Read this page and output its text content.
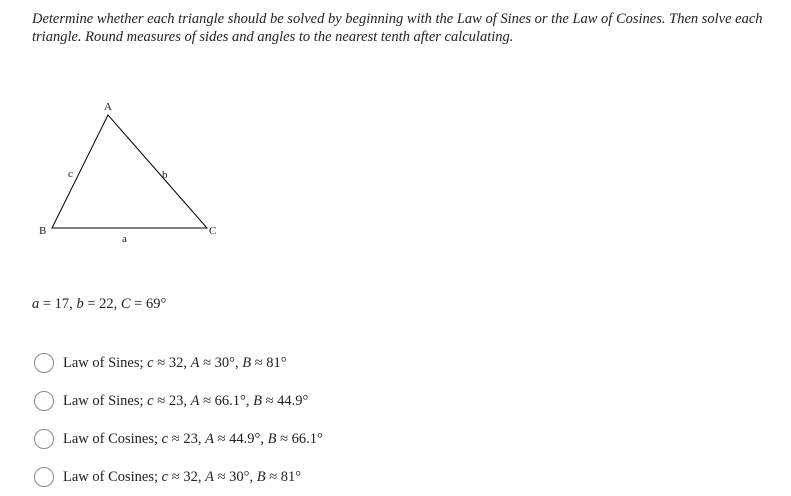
Determine whether each triangle should be solved by beginning with the Law of Sines or the Law of Cosines. Then solve each triangle. Round measures of sides and angles to the nearest tenth after calculating.

A
B	C
a
b
c

a = 17, b = 22, C = 69°

Law of Sines; c ≈ 32, A ≈ 30°, B ≈ 81°
Law of Sines; c ≈ 23, A ≈ 66.1°, B ≈ 44.9°
Law of Cosines; c ≈ 23, A ≈ 44.9°, B ≈ 66.1°
Law of Cosines; c ≈ 32, A ≈ 30°, B ≈ 81°
